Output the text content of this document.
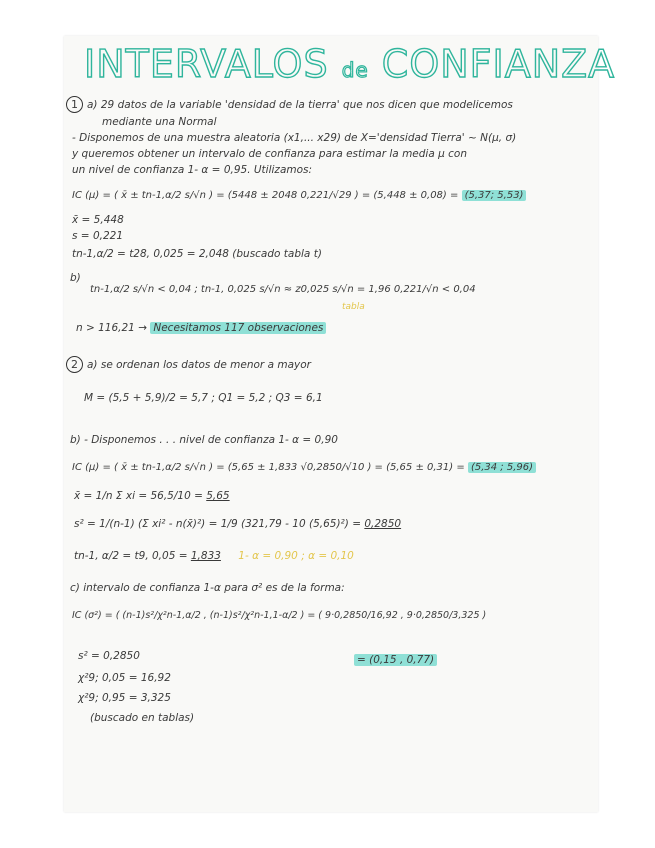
INTERVALOS de CONFIANZA
1 a) 29 datos de la variable 'densidad de la tierra' que nos dicen que modelicemos
mediante una Normal
- Disponemos de una muestra aleatoria (x1,... x29) de X='densidad Tierra' ~ N(μ, σ)
y queremos obtener un intervalo de confianza para estimar la media μ con
un nivel de confianza 1- α = 0,95. Utilizamos:
IC (μ) = ( x̄ ± tn-1,α/2 s/√n ) = (5448 ± 2048 0,221/√29 ) = (5,448 ± 0,08) = (5,37; 5,53)
x̄ = 5,448
s = 0,221
tn-1,α/2 = t28, 0,025 = 2,048 (buscado tabla t)
b)
tn-1,α/2 s/√n < 0,04 ; tn-1, 0,025 s/√n ≈ z0,025 s/√n = 1,96 0,221/√n < 0,04
tabla
n > 116,21 → Necesitamos 117 observaciones
2 a) se ordenan los datos de menor a mayor
M = (5,5 + 5,9)/2 = 5,7 ; Q1 = 5,2 ; Q3 = 6,1
b) - Disponemos . . . nivel de confianza 1- α = 0,90
IC (μ) = ( x̄ ± tn-1,α/2 s/√n ) = (5,65 ± 1,833 √0,2850/√10 ) = (5,65 ± 0,31) = (5,34 ; 5,96)
x̄ = 1/n Σ xi = 56,5/10 = 5,65
s² = 1/(n-1) (Σ xi² - n(x̄)²) = 1/9 (321,79 - 10 (5,65)²) = 0,2850
tn-1, α/2 = t9, 0,05 = 1,833 1- α = 0,90 ; α = 0,10
c) intervalo de confianza 1-α para σ² es de la forma:
IC (σ²) = ( (n-1)s²/χ²n-1,α/2 , (n-1)s²/χ²n-1,1-α/2 ) = ( 9·0,2850/16,92 , 9·0,2850/3,325 )
s² = 0,2850	= (0,15 , 0,77)
χ²9; 0,05 = 16,92
χ²9; 0,95 = 3,325
(buscado en tablas)
